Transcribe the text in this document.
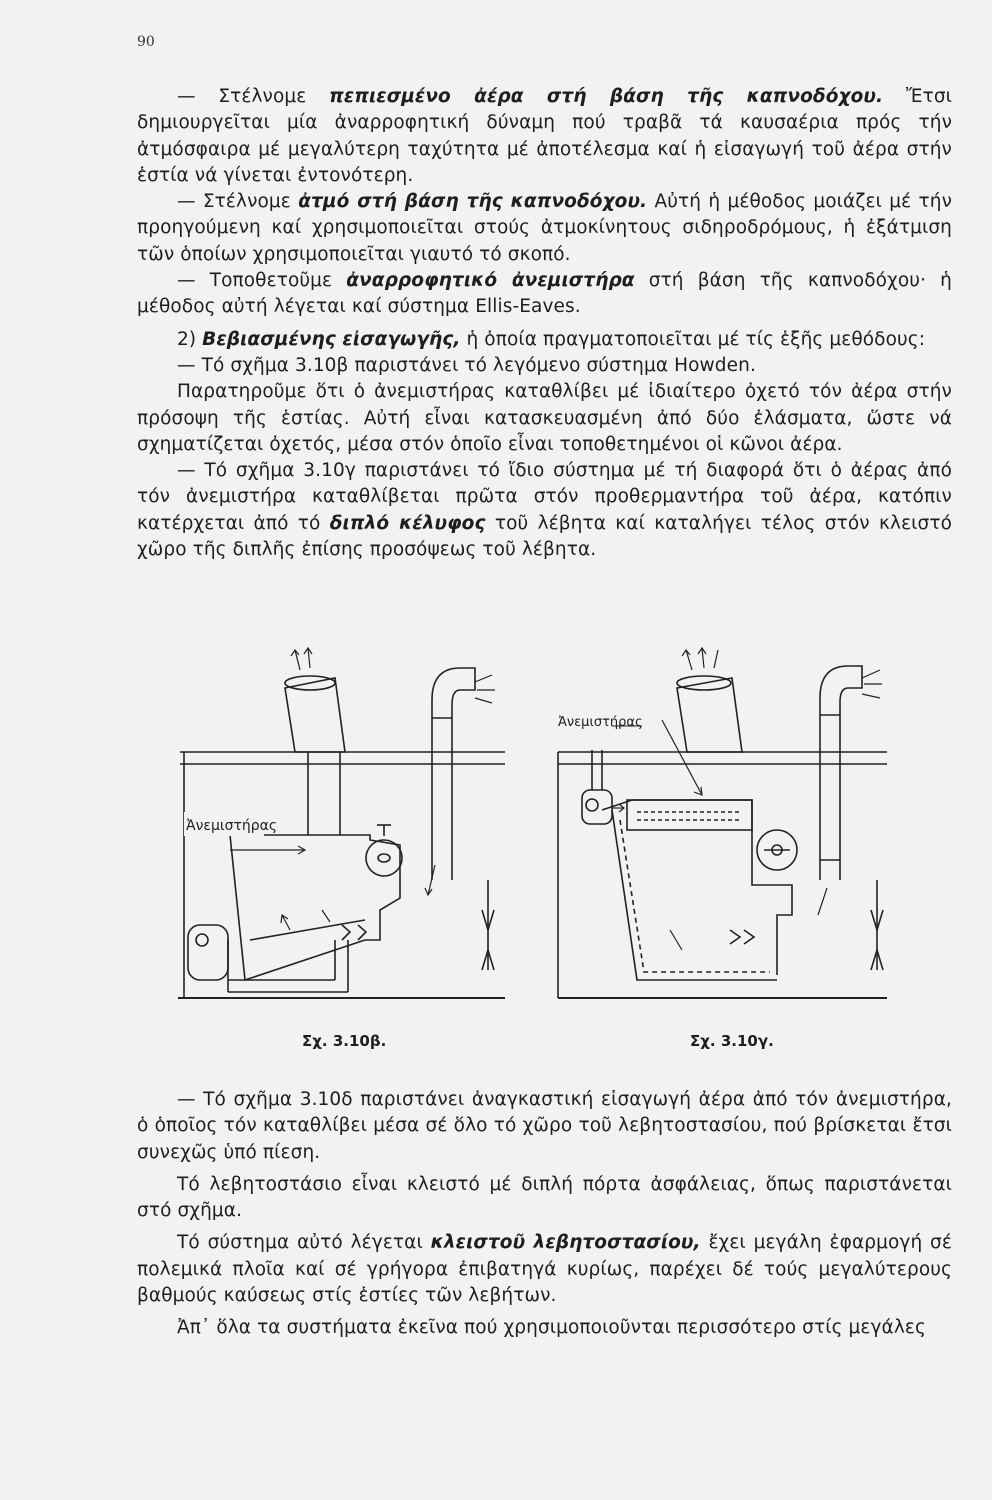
90

— Στέλνομε πεπιεσμένο ἀέρα στή βάση τῆς καπνοδόχου. Ἔτσι δημιουργεῖται μία ἀναρροφητική δύναμη πού τραβᾶ τά καυσαέρια πρός τήν ἀτμόσφαιρα μέ μεγαλύτερη ταχύτητα μέ ἀποτέλεσμα καί ἡ εἰσαγωγή τοῦ ἀέρα στήν ἑστία νά γίνεται ἐντονότερη.

— Στέλνομε ἀτμό στή βάση τῆς καπνοδόχου. Αὐτή ἡ μέθοδος μοιάζει μέ τήν προηγούμενη καί χρησιμοποιεῖται στούς ἀτμοκίνητους σιδηροδρόμους, ἡ ἐξάτμιση τῶν ὁποίων χρησιμοποιεῖται γιαυτό τό σκοπό.

— Τοποθετοῦμε ἀναρροφητικό ἀνεμιστήρα στή βάση τῆς καπνοδόχου· ἡ μέθοδος αὐτή λέγεται καί σύστημα Ellis-Eaves.

2) Βεβιασμένης εἰσαγωγῆς, ἡ ὁποία πραγματοποιεῖται μέ τίς ἑξῆς μεθόδους:

— Τό σχῆμα 3.10β παριστάνει τό λεγόμενο σύστημα Howden.

Παρατηροῦμε ὅτι ὁ ἀνεμιστήρας καταθλίβει μέ ἰδιαίτερο ὀχετό τόν ἀέρα στήν πρόσοψη τῆς ἑστίας. Αὐτή εἶναι κατασκευασμένη ἀπό δύο ἐλάσματα, ὥστε νά σχηματίζεται ὀχετός, μέσα στόν ὁποῖο εἶναι τοποθετημένοι οἱ κῶνοι ἀέρα.

— Τό σχῆμα 3.10γ παριστάνει τό ἴδιο σύστημα μέ τή διαφορά ὅτι ὁ ἀέρας ἀπό τόν ἀνεμιστήρα καταθλίβεται πρῶτα στόν προθερμαντήρα τοῦ ἀέρα, κατόπιν κατέρχεται ἀπό τό διπλό κέλυφος τοῦ λέβητα καί καταλήγει τέλος στόν κλειστό χῶρο τῆς διπλῆς ἐπίσης προσόψεως τοῦ λέβητα.

Ἀνεμιστήρας
Σχ. 3.10β.
Ἀνεμιστήρας
Σχ. 3.10γ.

— Τό σχῆμα 3.10δ παριστάνει ἀναγκαστική εἰσαγωγή ἀέρα ἀπό τόν ἀνεμιστήρα, ὁ ὁποῖος τόν καταθλίβει μέσα σέ ὅλο τό χῶρο τοῦ λεβητοστασίου, πού βρίσκεται ἔτσι συνεχῶς ὑπό πίεση.

Τό λεβητοστάσιο εἶναι κλειστό μέ διπλή πόρτα ἀσφάλειας, ὅπως παριστάνεται στό σχῆμα.

Τό σύστημα αὐτό λέγεται κλειστοῦ λεβητοστασίου, ἔχει μεγάλη ἐφαρμογή σέ πολεμικά πλοῖα καί σέ γρήγορα ἐπιβατηγά κυρίως, παρέχει δέ τούς μεγαλύτερους βαθμούς καύσεως στίς ἑστίες τῶν λεβήτων.

Ἀπ᾽ ὅλα τα συστήματα ἐκεῖνα πού χρησιμοποιοῦνται περισσότερο στίς μεγάλες
